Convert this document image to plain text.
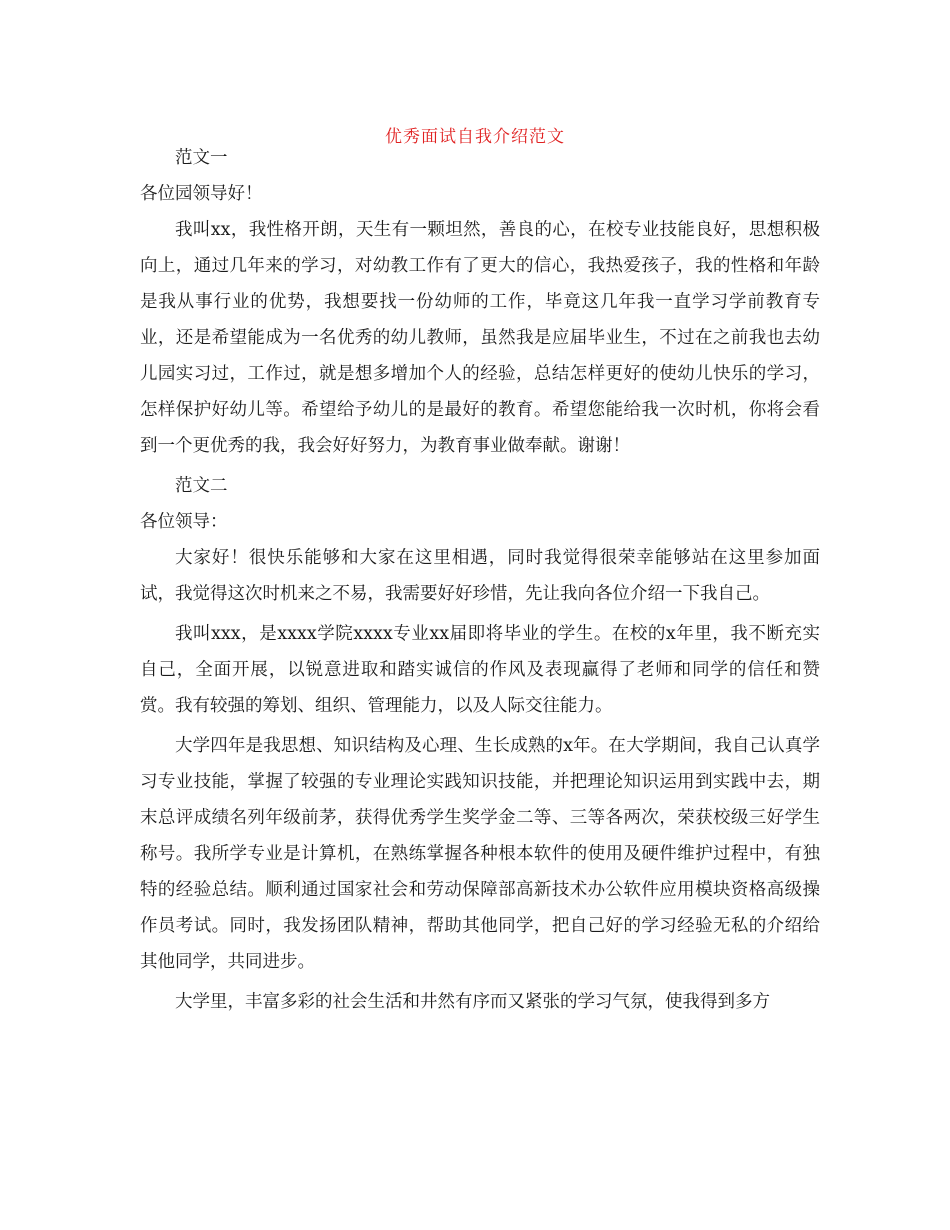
优秀面试自我介绍范文

范文一

各位园领导好！

我叫xx，我性格开朗，天生有一颗坦然，善良的心，在校专业技能良好，思想积极向上，通过几年来的学习，对幼教工作有了更大的信心，我热爱孩子，我的性格和年龄是我从事行业的优势，我想要找一份幼师的工作，毕竟这几年我一直学习学前教育专业，还是希望能成为一名优秀的幼儿教师，虽然我是应届毕业生，不过在之前我也去幼儿园实习过，工作过，就是想多增加个人的经验，总结怎样更好的使幼儿快乐的学习，怎样保护好幼儿等。希望给予幼儿的是最好的教育。希望您能给我一次时机，你将会看到一个更优秀的我，我会好好努力，为教育事业做奉献。谢谢！

范文二

各位领导：

大家好！很快乐能够和大家在这里相遇，同时我觉得很荣幸能够站在这里参加面试，我觉得这次时机来之不易，我需要好好珍惜，先让我向各位介绍一下我自己。

我叫xxx，是xxxx学院xxxx专业xx届即将毕业的学生。在校的x年里，我不断充实自己，全面开展，以锐意进取和踏实诚信的作风及表现赢得了老师和同学的信任和赞赏。我有较强的筹划、组织、管理能力，以及人际交往能力。

大学四年是我思想、知识结构及心理、生长成熟的x年。在大学期间，我自己认真学习专业技能，掌握了较强的专业理论实践知识技能，并把理论知识运用到实践中去，期末总评成绩名列年级前茅，获得优秀学生奖学金二等、三等各两次，荣获校级三好学生称号。我所学专业是计算机，在熟练掌握各种根本软件的使用及硬件维护过程中，有独特的经验总结。顺利通过国家社会和劳动保障部高新技术办公软件应用模块资格高级操作员考试。同时，我发扬团队精神，帮助其他同学，把自己好的学习经验无私的介绍给其他同学，共同进步。

大学里，丰富多彩的社会生活和井然有序而又紧张的学习气氛，使我得到多方
